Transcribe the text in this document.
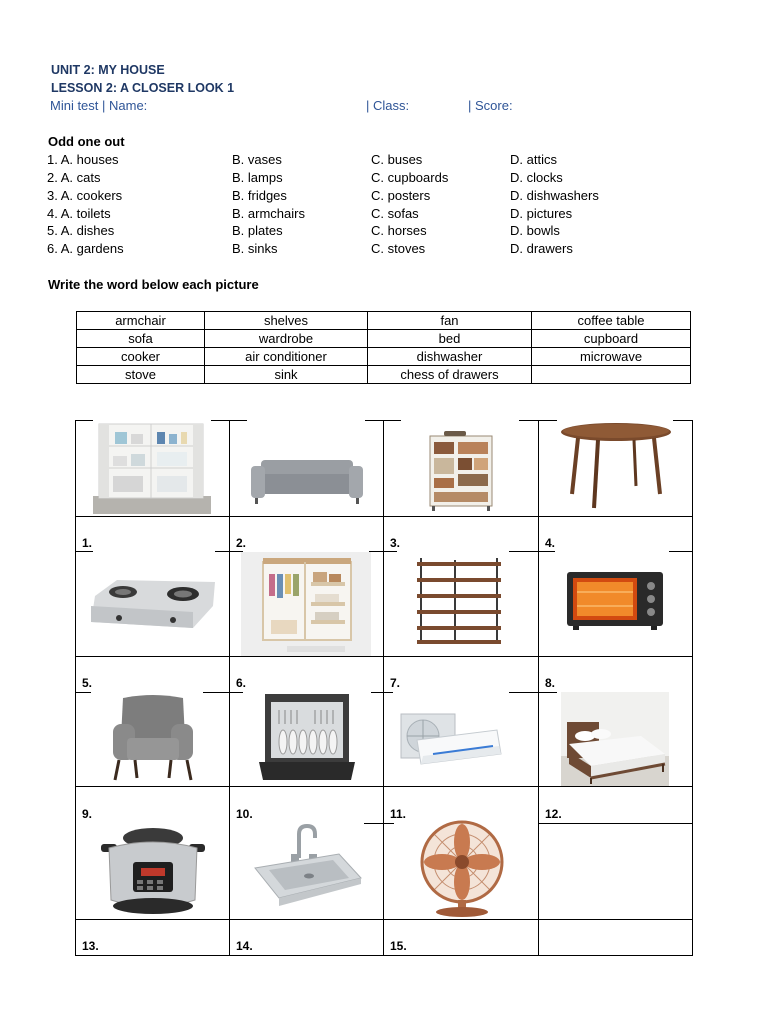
UNIT 2: MY HOUSE
LESSON 2: A CLOSER LOOK 1
Mini test | Name:	| Class:	| Score:
Odd one out
1. A. houses	B. vases	C. buses	D. attics
2. A. cats	B. lamps	C. cupboards	D. clocks
3. A. cookers	B. fridges	C. posters	D. dishwashers
4. A. toilets	B. armchairs	C. sofas	D. pictures
5. A. dishes	B. plates	C. horses	D. bowls
6. A. gardens	B. sinks	C. stoves	D. drawers
Write the word below each picture
armchair	shelves	fan	coffee table
sofa	wardrobe	bed	cupboard
cooker	air conditioner	dishwasher	microwave
stove	sink	chess of drawers	
1.	2.	3.	4.
5.	6.	7.	8.
9.	10.	11.	12.
13.	14.	15.
